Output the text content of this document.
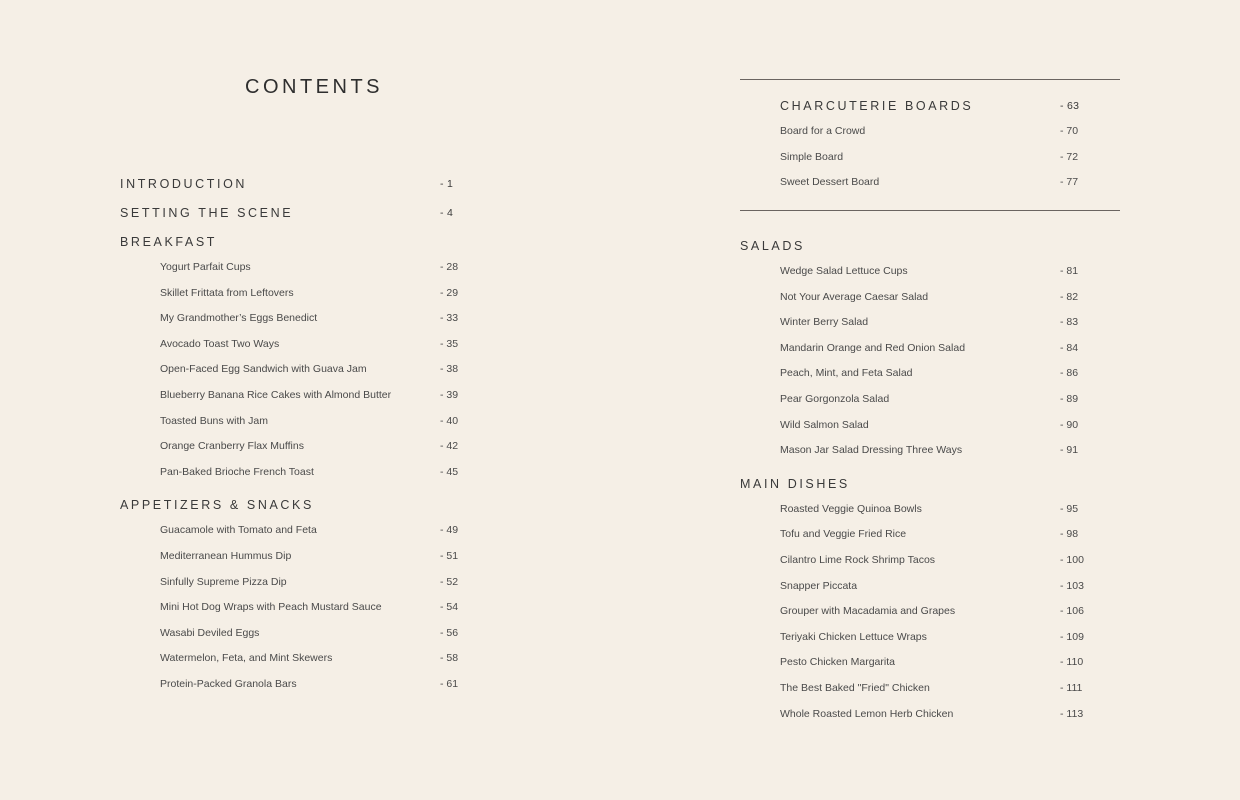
CONTENTS
INTRODUCTION	- 1
SETTING THE SCENE	- 4
BREAKFAST
Yogurt Parfait Cups	- 28
Skillet Frittata from Leftovers	- 29
My Grandmother’s Eggs Benedict	- 33
Avocado Toast Two Ways	- 35
Open-Faced Egg Sandwich with Guava Jam	- 38
Blueberry Banana Rice Cakes with Almond Butter	- 39
Toasted Buns with Jam	- 40
Orange Cranberry Flax Muffins	- 42
Pan-Baked Brioche French Toast	- 45
APPETIZERS & SNACKS
Guacamole with Tomato and Feta	- 49
Mediterranean Hummus Dip	- 51
Sinfully Supreme Pizza Dip	- 52
Mini Hot Dog Wraps with Peach Mustard Sauce	- 54
Wasabi Deviled Eggs	- 56
Watermelon, Feta, and Mint Skewers	- 58
Protein-Packed Granola Bars	- 61
CHARCUTERIE BOARDS	- 63
Board for a Crowd	- 70
Simple Board	- 72
Sweet Dessert Board	- 77
SALADS
Wedge Salad Lettuce Cups	- 81
Not Your Average Caesar Salad	- 82
Winter Berry Salad	- 83
Mandarin Orange and Red Onion Salad	- 84
Peach, Mint, and Feta Salad	- 86
Pear Gorgonzola Salad	- 89
Wild Salmon Salad	- 90
Mason Jar Salad Dressing Three Ways	- 91
MAIN DISHES
Roasted Veggie Quinoa Bowls	- 95
Tofu and Veggie Fried Rice	- 98
Cilantro Lime Rock Shrimp Tacos	- 100
Snapper Piccata	- 103
Grouper with Macadamia and Grapes	- 106
Teriyaki Chicken Lettuce Wraps	- 109
Pesto Chicken Margarita	- 110
The Best Baked "Fried" Chicken	- 111
Whole Roasted Lemon Herb Chicken	- 113
